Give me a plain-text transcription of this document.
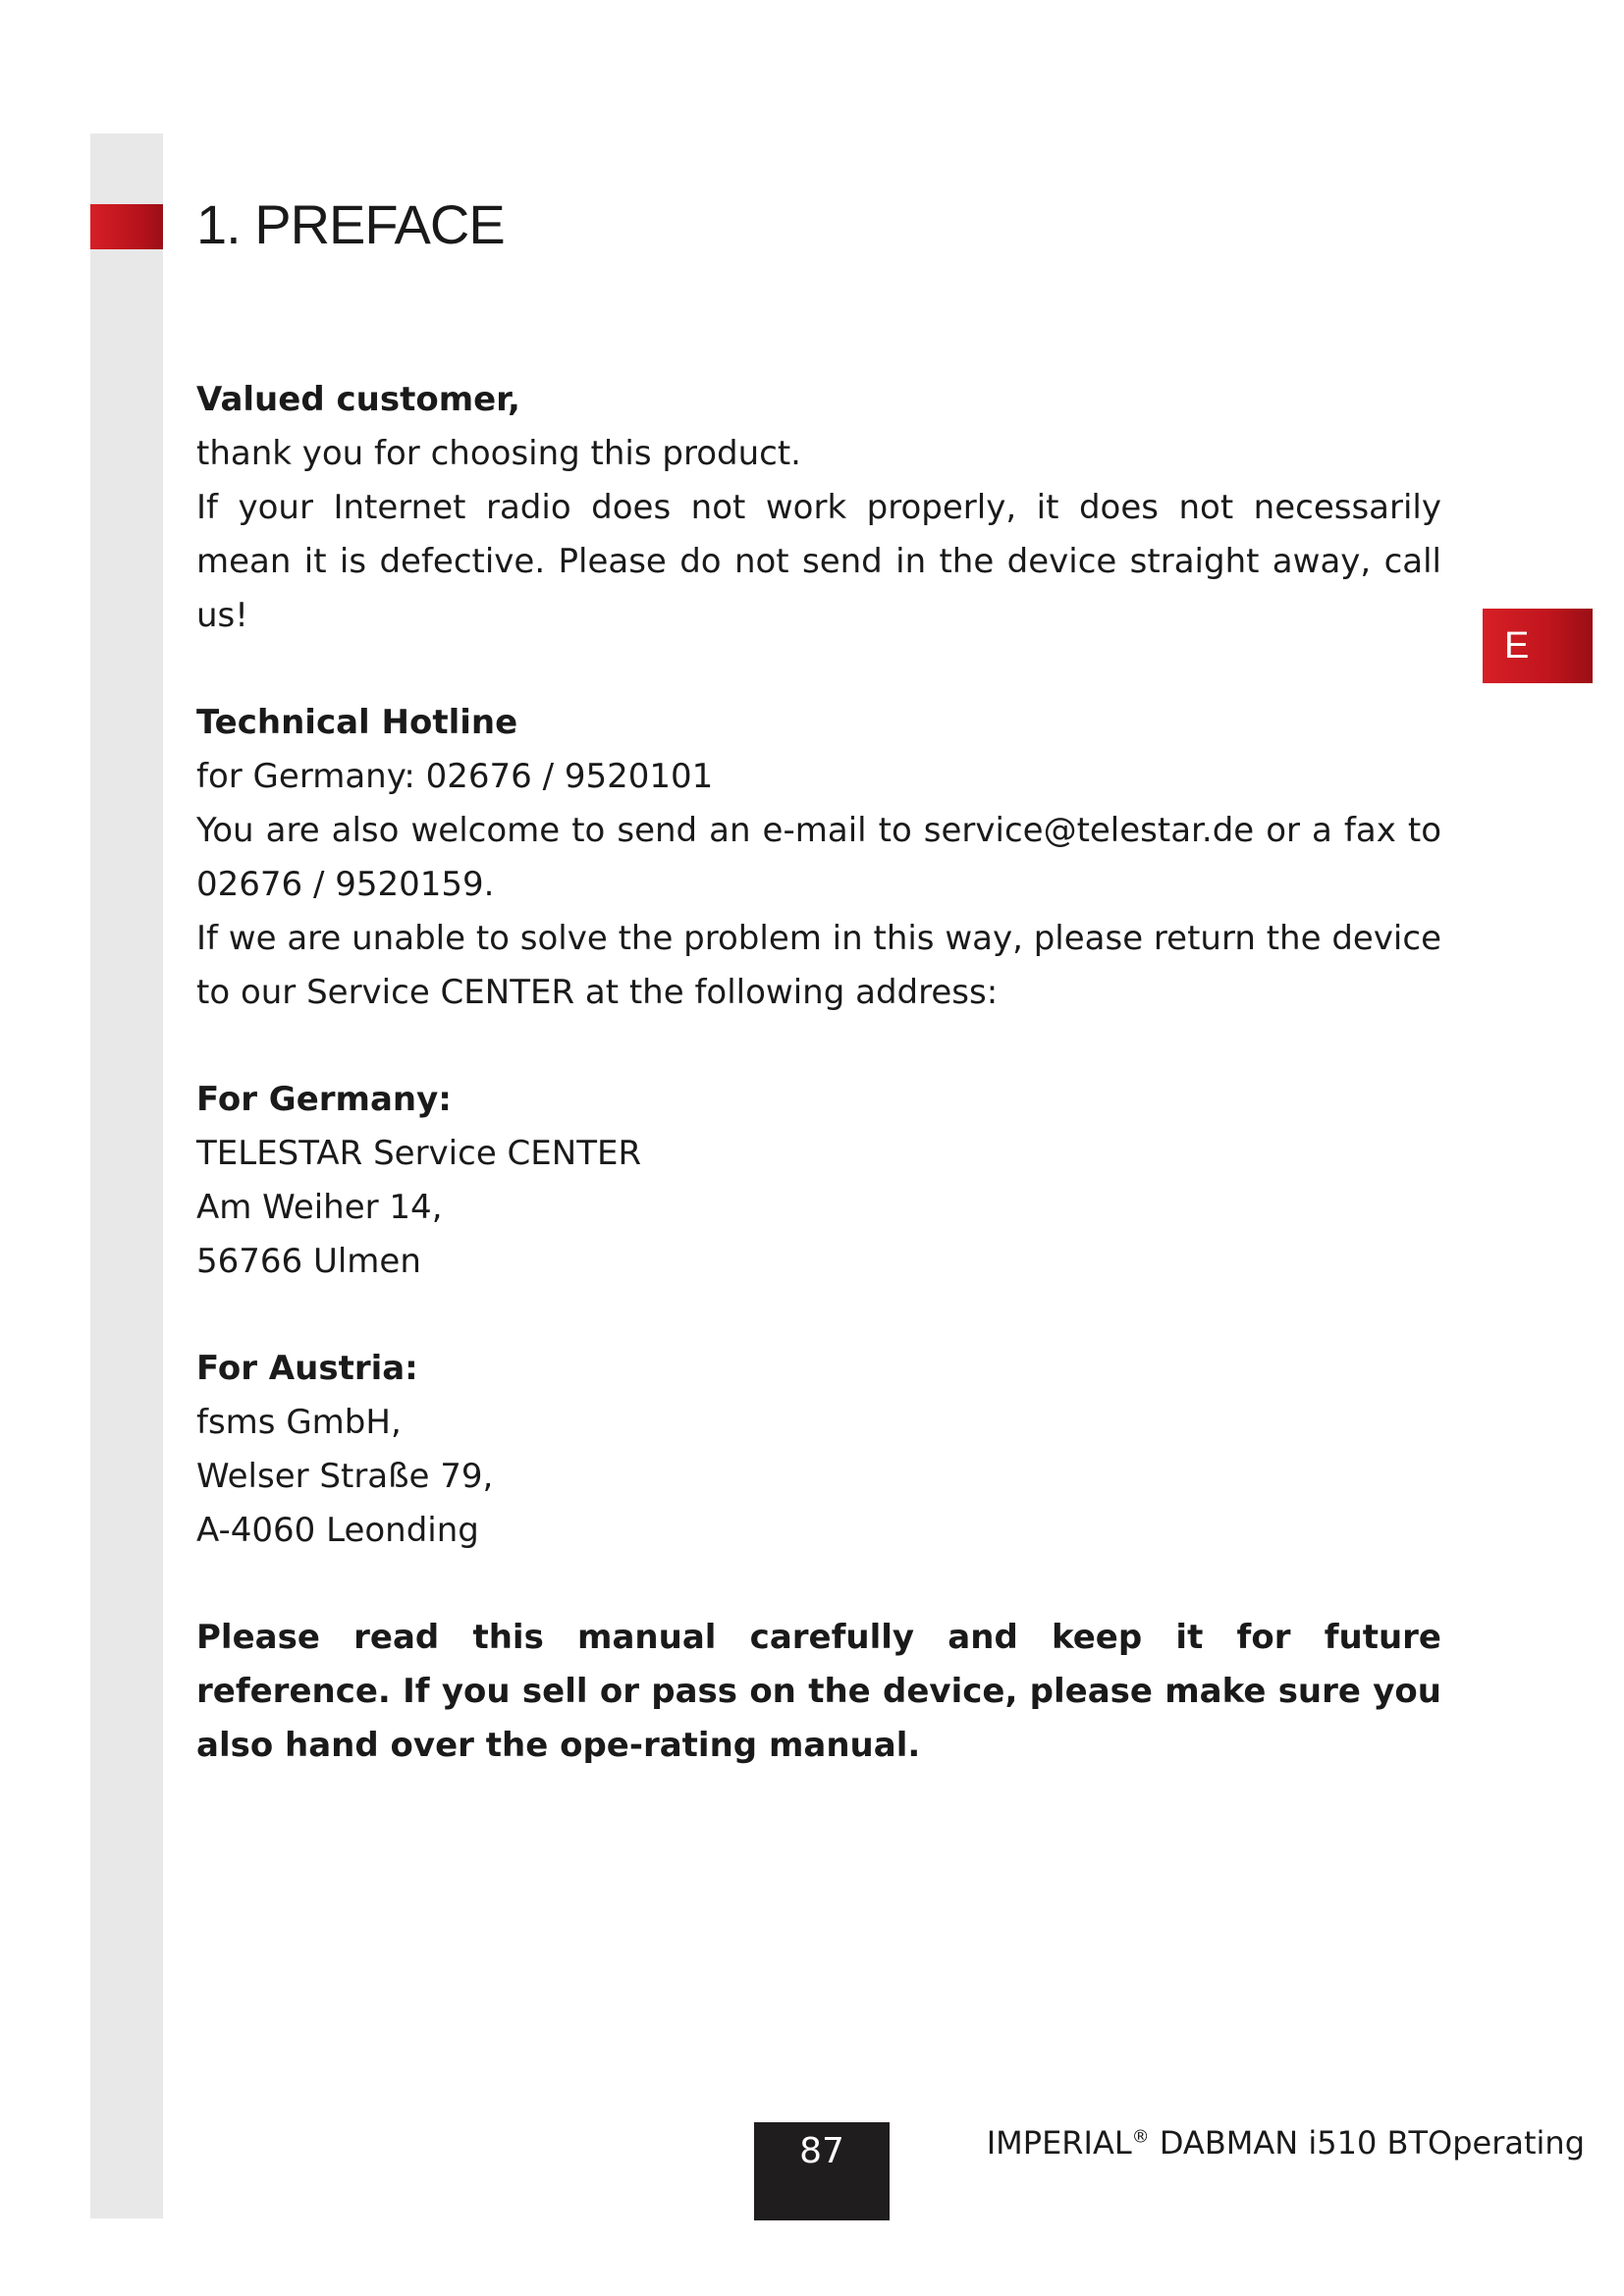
1. PREFACE
E

Valued customer,

thank you for choosing this product.

If your Internet radio does not work properly, it does not necessarily mean it is defective. Please do not send in the device straight away, call us!

Technical Hotline

for Germany: 02676 / 9520101

You are also welcome to send an e-mail to service@telestar.de or a fax to 02676 / 9520159.

If we are unable to solve the problem in this way, please return the device to our Service CENTER at the following address:

For Germany:

TELESTAR Service CENTER

Am Weiher 14,

56766 Ulmen

For Austria:

fsms GmbH,

Welser Straße 79,

A-4060 Leonding

Please read this manual carefully and keep it for future reference. If you sell or pass on the device, please make sure you also hand over the ope-rating manual.

87	IMPERIAL® DABMAN i510 BTOperating
